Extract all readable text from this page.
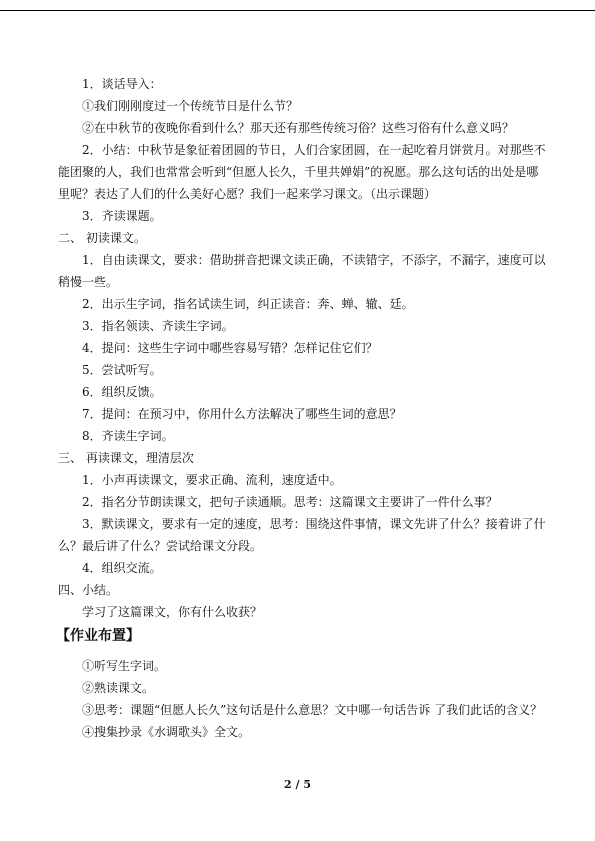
1．谈话导入：

①我们刚刚度过一个传统节日是什么节？

②在中秋节的夜晚你看到什么？那天还有那些传统习俗？这些习俗有什么意义吗？

2．小结：中秋节是象征着团圆的节日，人们合家团圆，在一起吃着月饼赏月。对那些不能团聚的人，我们也常常会听到“但愿人长久，千里共婵娟”的祝愿。那么这句话的出处是哪里呢？表达了人们的什么美好心愿？我们一起来学习课文。（出示课题）

3．齐读课题。

二、 初读课文。

1．自由读课文，要求：借助拼音把课文读正确，不读错字，不添字，不漏字，速度可以稍慢一些。

2．出示生字词，指名试读生词，纠正读音：奔、蝉、辙、廷。

3．指名领读、齐读生字词。

4．提问：这些生字词中哪些容易写错？怎样记住它们？

5．尝试听写。

6．组织反馈。

7．提问：在预习中，你用什么方法解决了哪些生词的意思？

8．齐读生字词。

三、 再读课文，理清层次

1．小声再读课文，要求正确、流利，速度适中。

2．指名分节朗读课文，把句子读通顺。思考：这篇课文主要讲了一件什么事？

3．默读课文，要求有一定的速度，思考：围绕这件事情，课文先讲了什么？接着讲了什么？最后讲了什么？尝试给课文分段。

4．组织交流。

四、小结。

学习了这篇课文，你有什么收获？

【作业布置】

①听写生字词。

②熟读课文。

③思考：课题“但愿人长久”这句话是什么意思？文中哪一句话告诉 了我们此话的含义？

④搜集抄录《水调歌头》全文。

2 / 5
